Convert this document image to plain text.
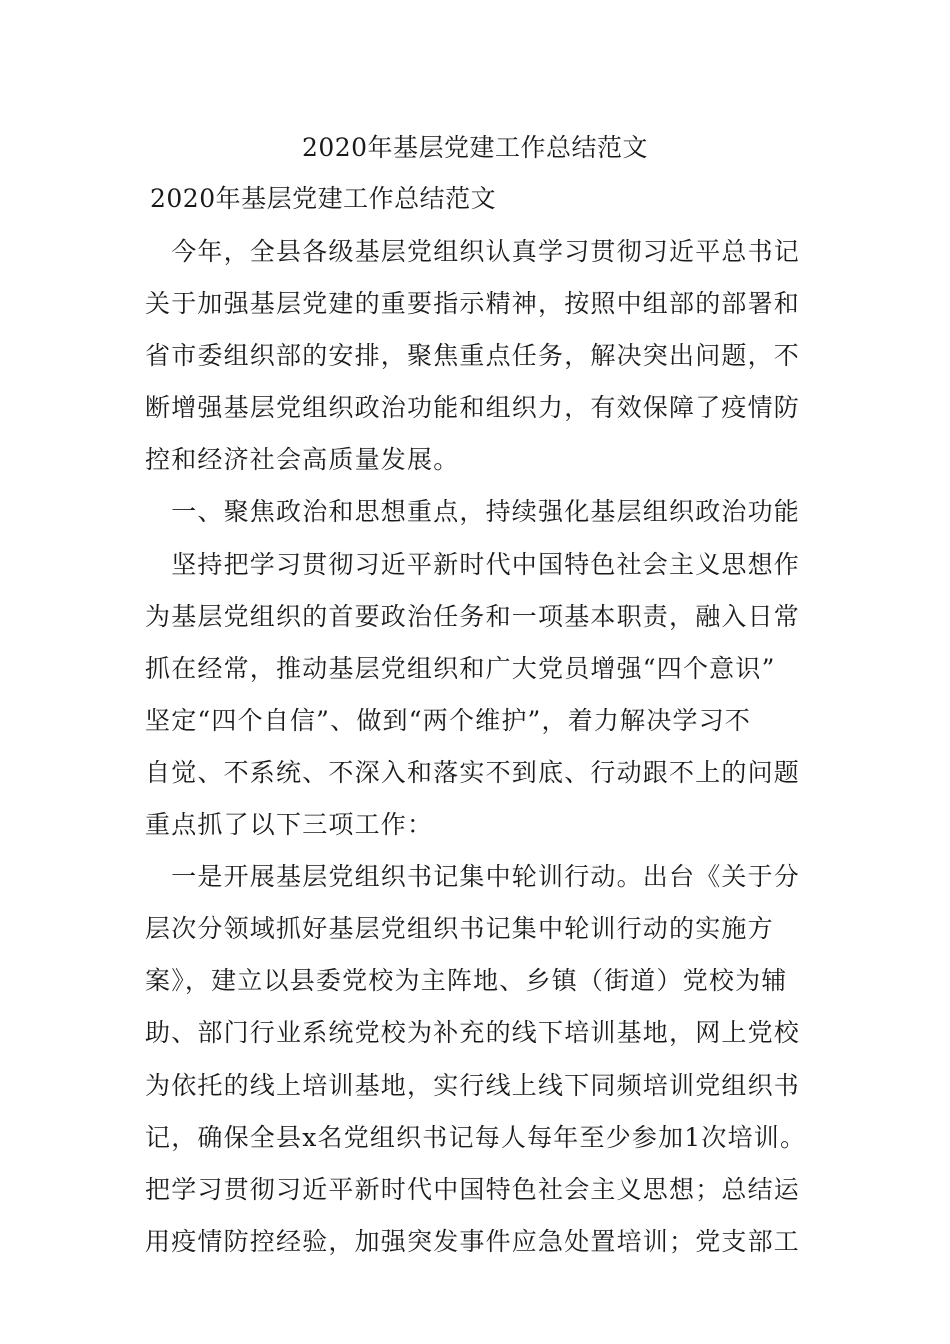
2020年基层党建工作总结范文
2020年基层党建工作总结范文
　今年，全县各级基层党组织认真学习贯彻习近平总书记
关于加强基层党建的重要指示精神，按照中组部的部署和
省市委组织部的安排，聚焦重点任务，解决突出问题，不
断增强基层党组织政治功能和组织力，有效保障了疫情防
控和经济社会高质量发展。
　一、聚焦政治和思想重点，持续强化基层组织政治功能
　坚持把学习贯彻习近平新时代中国特色社会主义思想作
为基层党组织的首要政治任务和一项基本职责，融入日常
抓在经常，推动基层党组织和广大党员增强“四个意识”
坚定“四个自信”、做到“两个维护”，着力解决学习不
自觉、不系统、不深入和落实不到底、行动跟不上的问题
重点抓了以下三项工作：
　一是开展基层党组织书记集中轮训行动。出台《关于分
层次分领域抓好基层党组织书记集中轮训行动的实施方
案》，建立以县委党校为主阵地、乡镇（街道）党校为辅
助、部门行业系统党校为补充的线下培训基地，网上党校
为依托的线上培训基地，实行线上线下同频培训党组织书
记，确保全县x名党组织书记每人每年至少参加1次培训。
把学习贯彻习近平新时代中国特色社会主义思想；总结运
用疫情防控经验，加强突发事件应急处置培训；党支部工
